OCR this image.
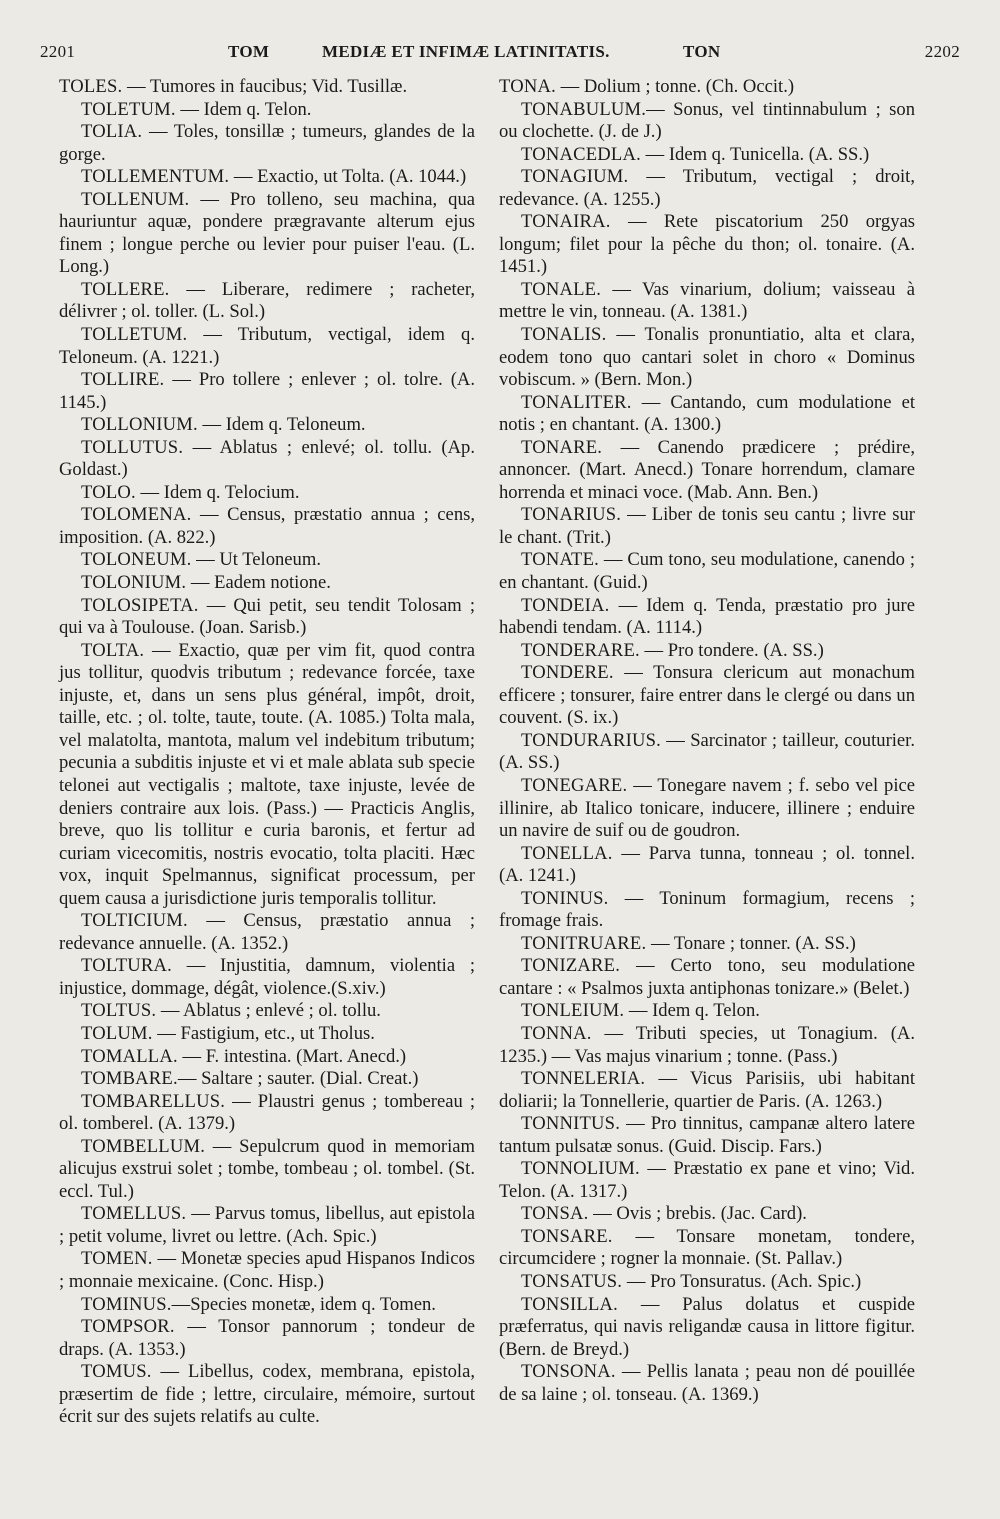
2201	TOM	MEDIÆ ET INFIMÆ LATINITATIS.	TON	2202

TOLES. — Tumores in faucibus; Vid. Tusillæ.

TOLETUM. — Idem q. Telon.

TOLIA. — Toles, tonsillæ ; tumeurs, glandes de la gorge.

TOLLEMENTUM. — Exactio, ut Tolta. (A. 1044.)

TOLLENUM. — Pro tolleno, seu machina, qua hauriuntur aquæ, pondere prægravante alterum ejus finem ; longue perche ou levier pour puiser l'eau. (L. Long.)

TOLLERE. — Liberare, redimere ; racheter, délivrer ; ol. toller. (L. Sol.)

TOLLETUM. — Tributum, vectigal, idem q. Teloneum. (A. 1221.)

TOLLIRE. — Pro tollere ; enlever ; ol. tolre. (A. 1145.)

TOLLONIUM. — Idem q. Teloneum.

TOLLUTUS. — Ablatus ; enlevé; ol. tollu. (Ap. Goldast.)

TOLO. — Idem q. Telocium.

TOLOMENA. — Census, præstatio annua ; cens, imposition. (A. 822.)

TOLONEUM. — Ut Teloneum.

TOLONIUM. — Eadem notione.

TOLOSIPETA. — Qui petit, seu tendit Tolosam ; qui va à Toulouse. (Joan. Sarisb.)

TOLTA. — Exactio, quæ per vim fit, quod contra jus tollitur, quodvis tributum ; redevance forcée, taxe injuste, et, dans un sens plus général, impôt, droit, taille, etc. ; ol. tolte, taute, toute. (A. 1085.) Tolta mala, vel malatolta, mantota, malum vel indebitum tributum; pecunia a subditis injuste et vi et male ablata sub specie telonei aut vectigalis ; maltote, taxe injuste, levée de deniers contraire aux lois. (Pass.) — Practicis Anglis, breve, quo lis tollitur e curia baronis, et fertur ad curiam vicecomitis, nostris evocatio, tolta placiti. Hæc vox, inquit Spelmannus, significat processum, per quem causa a jurisdictione juris temporalis tollitur.

TOLTICIUM. — Census, præstatio annua ; redevance annuelle. (A. 1352.)

TOLTURA. — Injustitia, damnum, violentia ; injustice, dommage, dégât, violence.(S.xiv.)

TOLTUS. — Ablatus ; enlevé ; ol. tollu.

TOLUM. — Fastigium, etc., ut Tholus.

TOMALLA. — F. intestina. (Mart. Anecd.)

TOMBARE.— Saltare ; sauter. (Dial. Creat.)

TOMBARELLUS. — Plaustri genus ; tombereau ; ol. tomberel. (A. 1379.)

TOMBELLUM. — Sepulcrum quod in memoriam alicujus exstrui solet ; tombe, tombeau ; ol. tombel. (St. eccl. Tul.)

TOMELLUS. — Parvus tomus, libellus, aut epistola ; petit volume, livret ou lettre. (Ach. Spic.)

TOMEN. — Monetæ species apud Hispanos Indicos ; monnaie mexicaine. (Conc. Hisp.)

TOMINUS.—Species monetæ, idem q. Tomen.

TOMPSOR. — Tonsor pannorum ; tondeur de draps. (A. 1353.)

TOMUS. — Libellus, codex, membrana, epistola, præsertim de fide ; lettre, circulaire, mémoire, surtout écrit sur des sujets relatifs au culte.

TONA. — Dolium ; tonne. (Ch. Occit.)

TONABULUM.— Sonus, vel tintinnabulum ; son ou clochette. (J. de J.)

TONACEDLA. — Idem q. Tunicella. (A. SS.)

TONAGIUM. — Tributum, vectigal ; droit, redevance. (A. 1255.)

TONAIRA. — Rete piscatorium 250 orgyas longum; filet pour la pêche du thon; ol. tonaire. (A. 1451.)

TONALE. — Vas vinarium, dolium; vaisseau à mettre le vin, tonneau. (A. 1381.)

TONALIS. — Tonalis pronuntiatio, alta et clara, eodem tono quo cantari solet in choro « Dominus vobiscum. » (Bern. Mon.)

TONALITER. — Cantando, cum modulatione et notis ; en chantant. (A. 1300.)

TONARE. — Canendo prædicere ; prédire, annoncer. (Mart. Anecd.) Tonare horrendum, clamare horrenda et minaci voce. (Mab. Ann. Ben.)

TONARIUS. — Liber de tonis seu cantu ; livre sur le chant. (Trit.)

TONATE. — Cum tono, seu modulatione, canendo ; en chantant. (Guid.)

TONDEIA. — Idem q. Tenda, præstatio pro jure habendi tendam. (A. 1114.)

TONDERARE. — Pro tondere. (A. SS.)

TONDERE. — Tonsura clericum aut monachum efficere ; tonsurer, faire entrer dans le clergé ou dans un couvent. (S. ix.)

TONDURARIUS. — Sarcinator ; tailleur, couturier. (A. SS.)

TONEGARE. — Tonegare navem ; f. sebo vel pice illinire, ab Italico tonicare, inducere, illinere ; enduire un navire de suif ou de goudron.

TONELLA. — Parva tunna, tonneau ; ol. tonnel. (A. 1241.)

TONINUS. — Toninum formagium, recens ; fromage frais.

TONITRUARE. — Tonare ; tonner. (A. SS.)

TONIZARE. — Certo tono, seu modulatione cantare : « Psalmos juxta antiphonas tonizare.» (Belet.)

TONLEIUM. — Idem q. Telon.

TONNA. — Tributi species, ut Tonagium. (A. 1235.) — Vas majus vinarium ; tonne. (Pass.)

TONNELERIA. — Vicus Parisiis, ubi habitant doliarii; la Tonnellerie, quartier de Paris. (A. 1263.)

TONNITUS. — Pro tinnitus, campanæ altero latere tantum pulsatæ sonus. (Guid. Discip. Fars.)

TONNOLIUM. — Præstatio ex pane et vino; Vid. Telon. (A. 1317.)

TONSA. — Ovis ; brebis. (Jac. Card).

TONSARE. — Tonsare monetam, tondere, circumcidere ; rogner la monnaie. (St. Pallav.)

TONSATUS. — Pro Tonsuratus. (Ach. Spic.)

TONSILLA. — Palus dolatus et cuspide præferratus, qui navis religandæ causa in littore figitur. (Bern. de Breyd.)

TONSONA. — Pellis lanata ; peau non dé pouillée de sa laine ; ol. tonseau. (A. 1369.)
